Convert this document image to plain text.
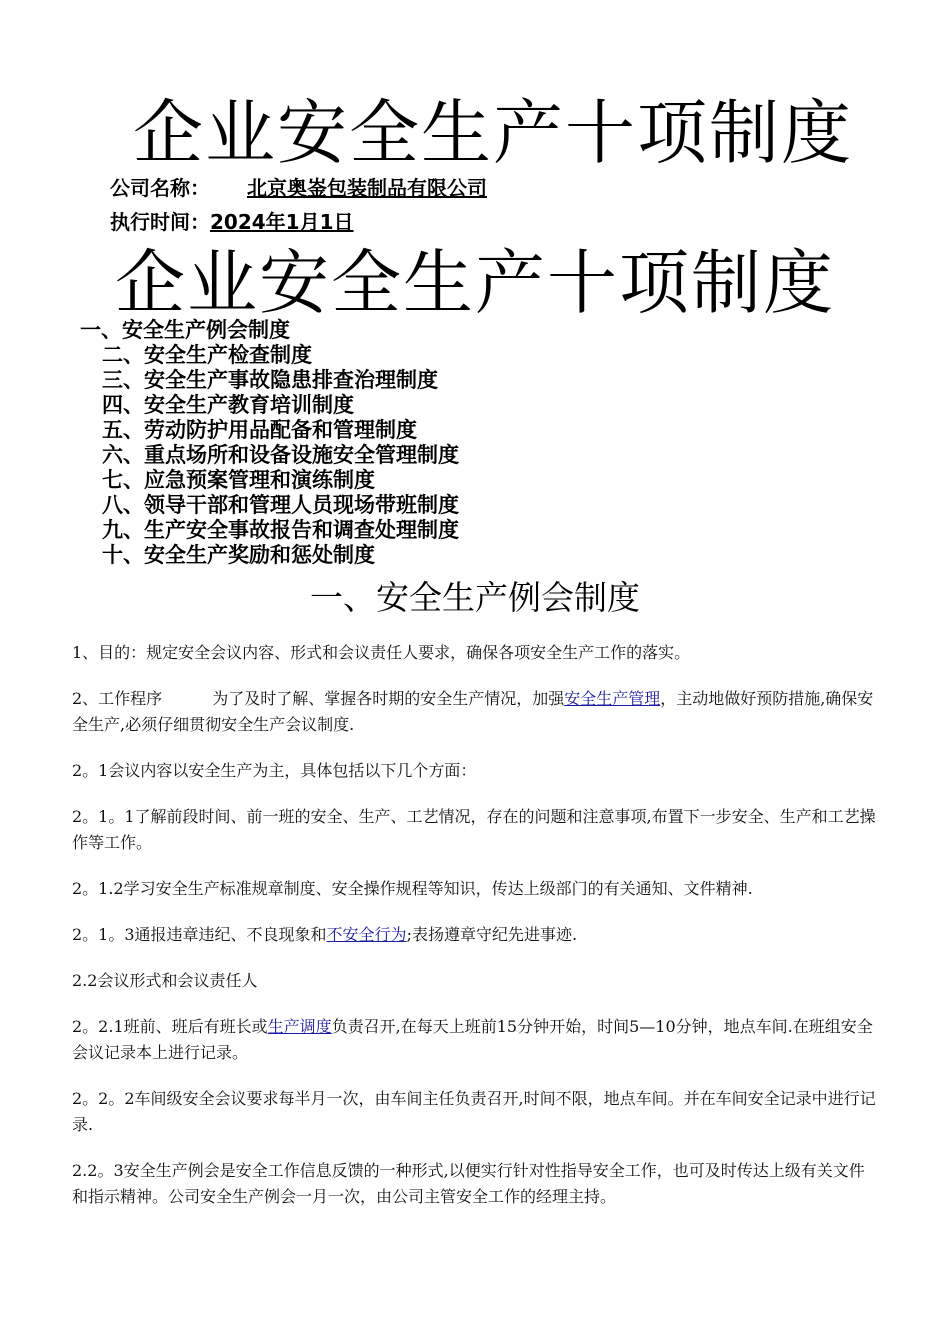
企业安全生产十项制度
公司名称： 北京奥崟包装制品有限公司
执行时间：2024年1月1日
企业安全生产十项制度
一、安全生产例会制度
二、安全生产检查制度
三、安全生产事故隐患排查治理制度
四、安全生产教育培训制度
五、劳动防护用品配备和管理制度
六、重点场所和设备设施安全管理制度
七、应急预案管理和演练制度
八、领导干部和管理人员现场带班制度
九、生产安全事故报告和调查处理制度
十、安全生产奖励和惩处制度
一、安全生产例会制度

1、目的：规定安全会议内容、形式和会议责任人要求，确保各项安全生产工作的落实。

2、工作程序	为了及时了解、掌握各时期的安全生产情况，加强安全生产管理，主动地做好预防措施,确保安全生产,必须仔细贯彻安全生产会议制度.

2。1会议内容以安全生产为主，具体包括以下几个方面：

2。1。1了解前段时间、前一班的安全、生产、工艺情况，存在的问题和注意事项,布置下一步安全、生产和工艺操作等工作。

2。1.2学习安全生产标准规章制度、安全操作规程等知识，传达上级部门的有关通知、文件精神.

2。1。3通报违章违纪、不良现象和不安全行为;表扬遵章守纪先进事迹.

2.2会议形式和会议责任人

2。2.1班前、班后有班长或生产调度负责召开,在每天上班前15分钟开始，时间5—10分钟，地点车间.在班组安全会议记录本上进行记录。

2。2。2车间级安全会议要求每半月一次，由车间主任负责召开,时间不限，地点车间。并在车间安全记录中进行记录.

2.2。3安全生产例会是安全工作信息反馈的一种形式,以便实行针对性指导安全工作，也可及时传达上级有关文件和指示精神。公司安全生产例会一月一次，由公司主管安全工作的经理主持。
